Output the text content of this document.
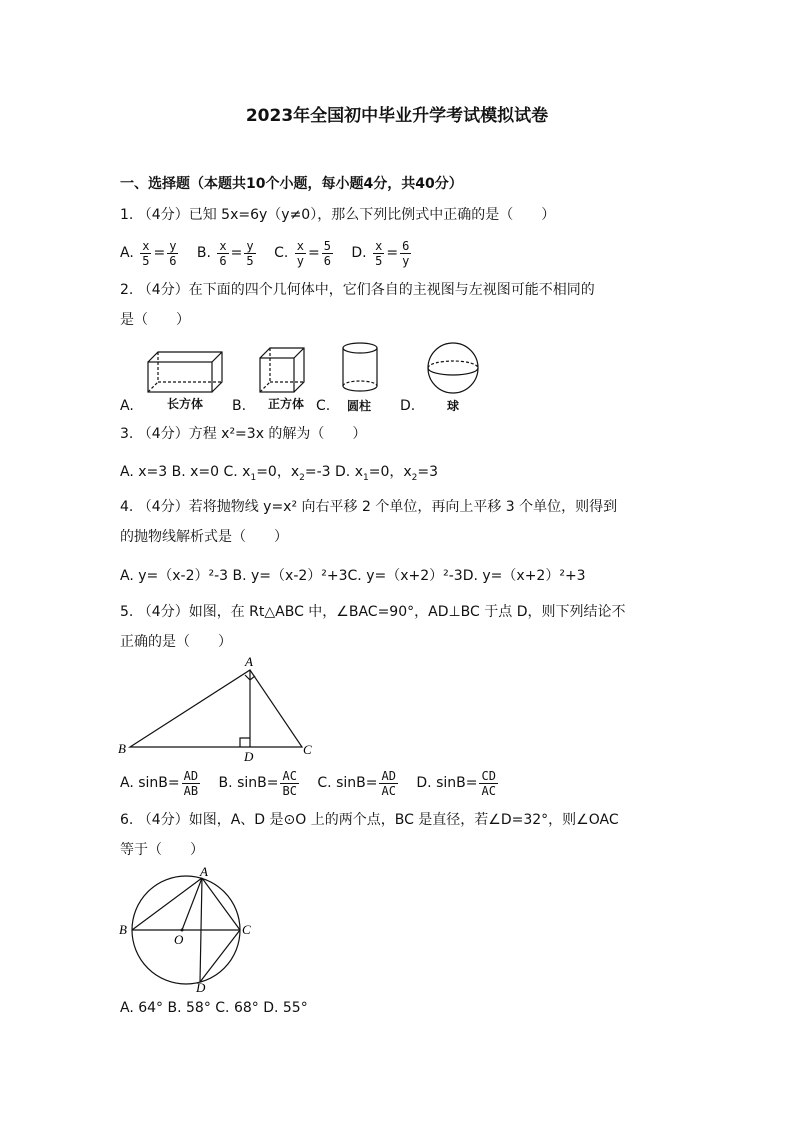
2023年全国初中毕业升学考试模拟试卷
一、选择题（本题共10个小题，每小题4分，共40分）
1. （4分）已知 5x=6y（y≠0），那么下列比例式中正确的是（　　）
A. $\frac{x}{5} = \frac{y}{6} B$. $\frac{x}{6} = \frac{y}{5} C$. $\frac{x}{y} = \frac{5}{6} D$. $\frac{x}{5} = \frac{6}{y}$
2. （4分）在下面的四个几何体中，它们各自的主视图与左视图可能不相同的
是（　　）
A.	B.	C.	D.
长方体	正方体	圆柱	球
3. （4分）方程 x²=3x 的解为（　　）
A. x=3 B. x=0 C. $x_1=0$，$x_2=-3$ D. $x_1=0$，$x_2=3$
4. （4分）若将抛物线 y=x² 向右平移 2 个单位，再向上平移 3 个单位，则得到
的抛物线解析式是（　　）
A. y=（x-2）²-3 B. y=（x-2）²+3C. y=（x+2）²-3D. y=（x+2）²+3
5. （4分）如图，在 Rt△ABC 中，∠BAC=90°，AD⊥BC 于点 D，则下列结论不
正确的是（　　）
A
B	C
D
A. $\sin B= \frac{AD}{AB} B$. $\sin B= \frac{AC}{BC} C$. $\sin B= \frac{AD}{AC} D$. $\sin B= \frac{CD}{AC}$
6. （4分）如图，A、D 是⊙O 上的两个点，BC 是直径，若∠D=32°，则∠OAC
等于（　　）
A
B	C
D
O
A. 64° B. 58° C. 68° D. 55°
